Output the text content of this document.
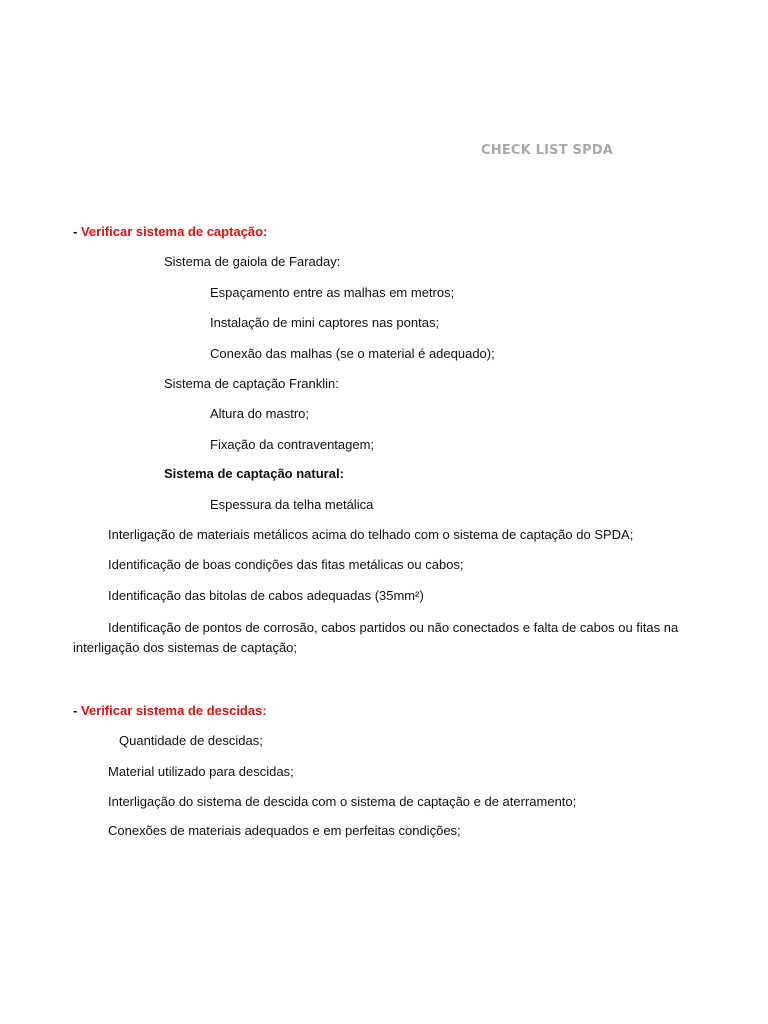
CHECK LIST SPDA
- Verificar sistema de captação:
Sistema de gaiola de Faraday:
Espaçamento entre as malhas em metros;
Instalação de mini captores nas pontas;
Conexão das malhas (se o material é adequado);
Sistema de captação Franklin:
Altura do mastro;
Fixação da contraventagem;
Sistema de captação natural:
Espessura da telha metálica
Interligação de materiais metálicos acima do telhado com o sistema de captação do SPDA;
Identificação de boas condições das fitas metálicas ou cabos;
Identificação das bitolas de cabos adequadas (35mm²)
Identificação de pontos de corrosão, cabos partidos ou não conectados e falta de cabos ou fitas na interligação dos sistemas de captação;
- Verificar sistema de descidas:
Quantidade de descidas;
Material utilizado para descidas;
Interligação do sistema de descida com o sistema de captação e de aterramento;
Conexões de materiais adequados e em perfeitas condições;
